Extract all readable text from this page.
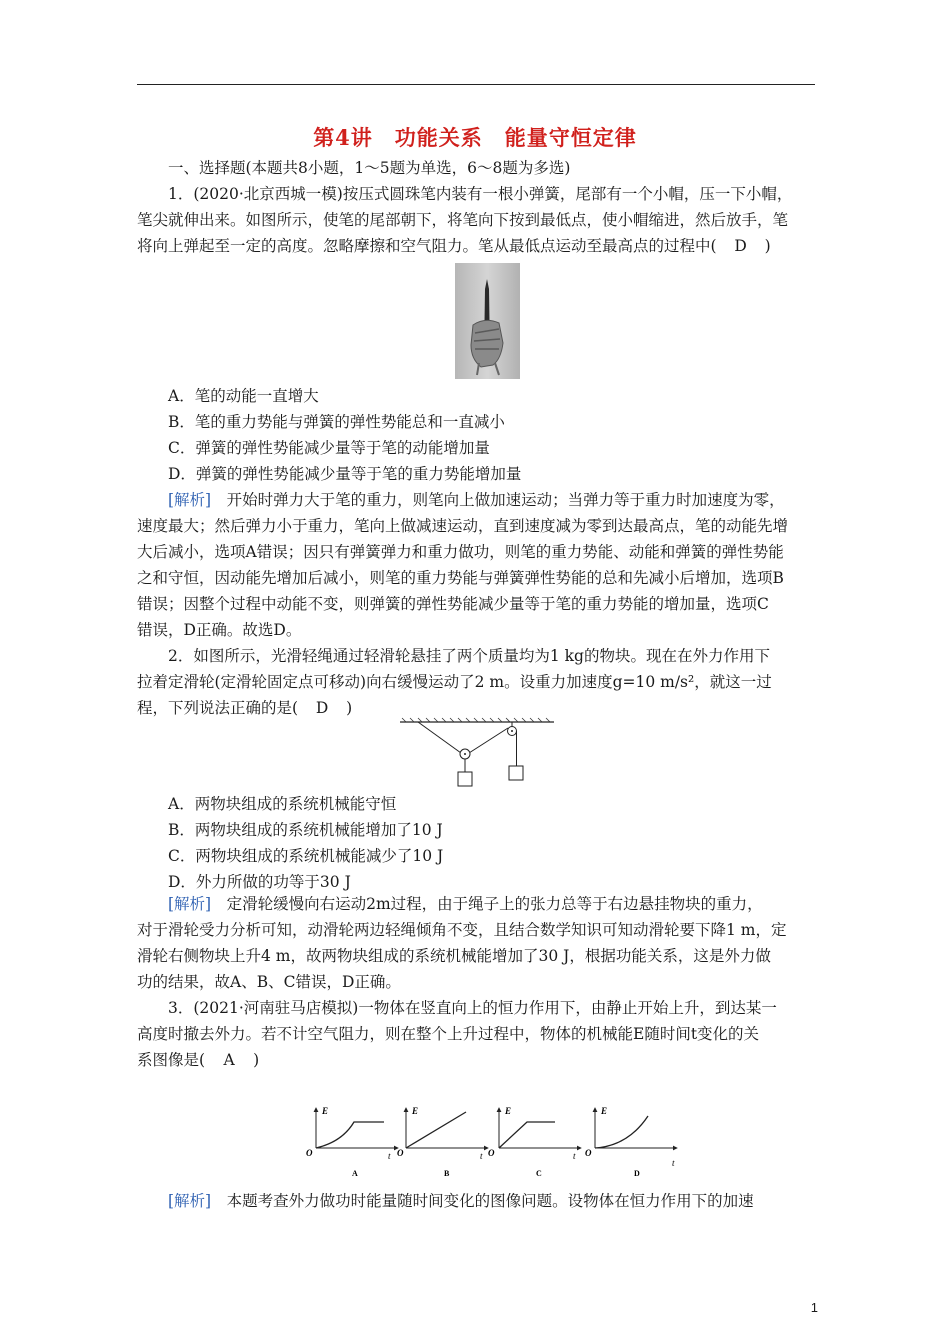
第4讲　功能关系　能量守恒定律
一、选择题(本题共8小题，1～5题为单选，6～8题为多选)
1．(2020·北京西城一模)按压式圆珠笔内装有一根小弹簧，尾部有一个小帽，压一下小帽，
笔尖就伸出来。如图所示，使笔的尾部朝下，将笔向下按到最低点，使小帽缩进，然后放手，笔
将向上弹起至一定的高度。忽略摩擦和空气阻力。笔从最低点运动至最高点的过程中( D )
A．笔的动能一直增大
B．笔的重力势能与弹簧的弹性势能总和一直减小
C．弹簧的弹性势能减少量等于笔的动能增加量
D．弹簧的弹性势能减少量等于笔的重力势能增加量
[解析]　开始时弹力大于笔的重力，则笔向上做加速运动；当弹力等于重力时加速度为零，
速度最大；然后弹力小于重力，笔向上做减速运动，直到速度减为零到达最高点，笔的动能先增
大后减小，选项A错误；因只有弹簧弹力和重力做功，则笔的重力势能、动能和弹簧的弹性势能
之和守恒，因动能先增加后减小，则笔的重力势能与弹簧弹性势能的总和先减小后增加，选项B
错误；因整个过程中动能不变，则弹簧的弹性势能减少量等于笔的重力势能的增加量，选项C
错误，D正确。故选D。
2．如图所示，光滑轻绳通过轻滑轮悬挂了两个质量均为1 kg的物块。现在在外力作用下
拉着定滑轮(定滑轮固定点可移动)向右缓慢运动了2 m。设重力加速度g=10 m/s²，就这一过
程，下列说法正确的是( D )
A．两物块组成的系统机械能守恒
B．两物块组成的系统机械能增加了10 J
C．两物块组成的系统机械能减少了10 J
D．外力所做的功等于30 J
[解析]　定滑轮缓慢向右运动2m过程，由于绳子上的张力总等于右边悬挂物块的重力，
对于滑轮受力分析可知，动滑轮两边轻绳倾角不变，且结合数学知识可知动滑轮要下降1 m，定
滑轮右侧物块上升4 m，故两物块组成的系统机械能增加了30 J，根据功能关系，这是外力做
功的结果，故A、B、C错误，D正确。
3．(2021·河南驻马店模拟)一物体在竖直向上的恒力作用下，由静止开始上升，到达某一
高度时撤去外力。若不计空气阻力，则在整个上升过程中，物体的机械能E随时间t变化的关
系图像是( A )
E
t
O
A
E
t
O
B
E
t
O
C
E
t
O
D
[解析]　本题考查外力做功时能量随时间变化的图像问题。设物体在恒力作用下的加速
1
